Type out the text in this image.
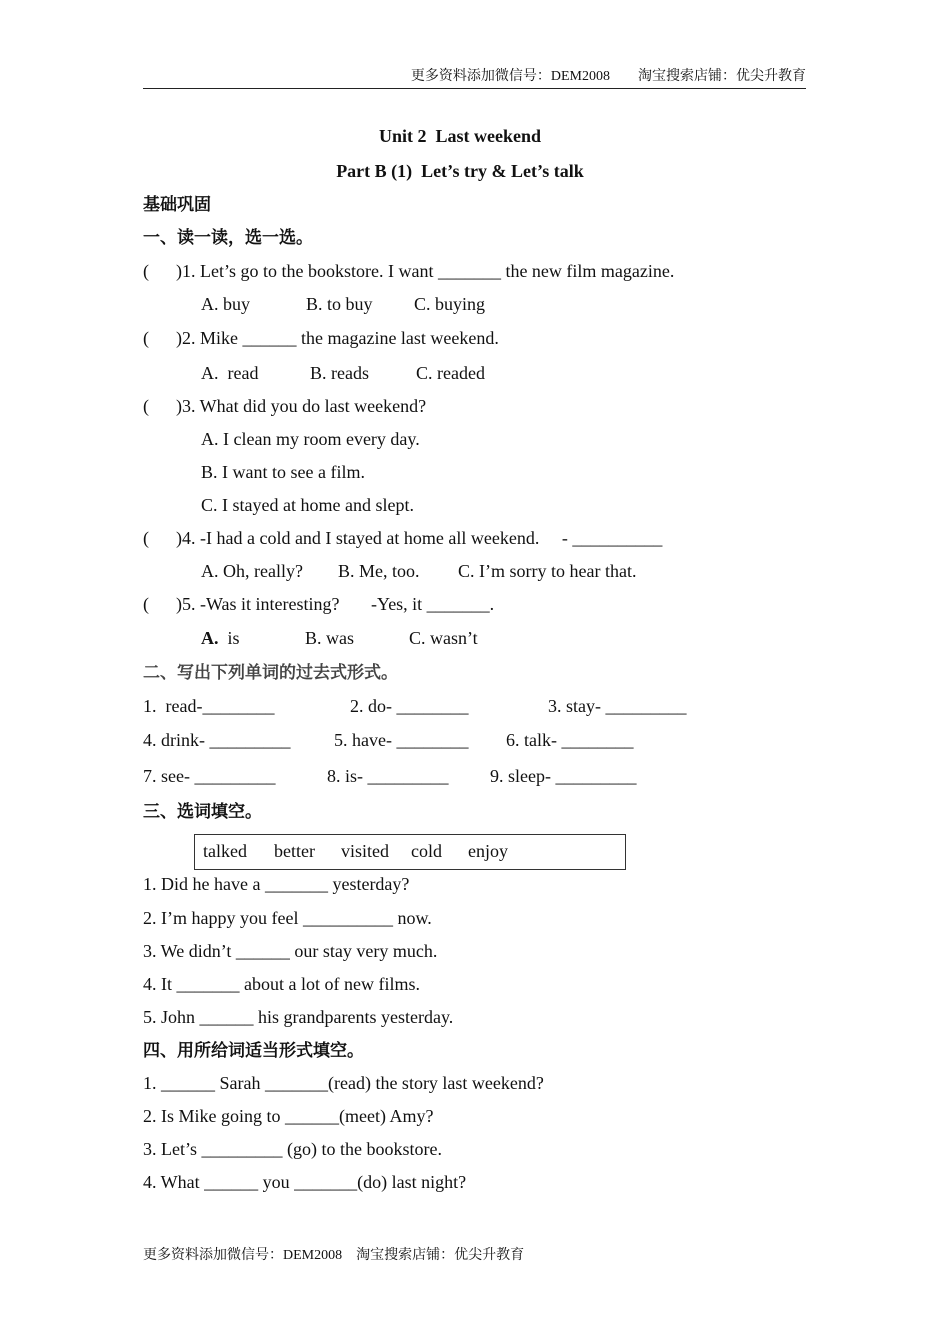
更多资料添加微信号：DEM2008　　淘宝搜索店铺：优尖升教育
Unit 2  Last weekend
Part B (1)  Let’s try & Let’s talk
基础巩固
一、读一读，选一选。
(      )1. Let’s go to the bookstore. I want _______ the new film magazine.
A. buy	B. to buy C. buying
(      )2. Mike ______ the magazine last weekend.
A.  read	B. reads	C. readed
(      )3. What did you do last weekend?
A. I clean my room every day.
B. I want to see a film.
C. I stayed at home and slept.
(      )4. -I had a cold and I stayed at home all weekend.     - __________
A. Oh, really? B. Me, too. C. I’m sorry to hear that.
(      )5. -Was it interesting?       -Yes, it _______.
A. is	B. was	C. wasn’t
二、写出下列单词的过去式形式。
1.  read-________	2. do- ________	3. stay- _________
4. drink- _________ 5. have- ________ 6. talk- ________
7. see- _________	8. is- _________ 9. sleep- _________
三、选词填空。
talked better visited cold enjoy
1. Did he have a _______ yesterday?
2. I’m happy you feel __________ now.
3. We didn’t ______ our stay very much.
4. It _______ about a lot of new films.
5. John ______ his grandparents yesterday.
四、用所给词适当形式填空。
1. ______ Sarah _______(read) the story last weekend?
2. Is Mike going to ______(meet) Amy?
3. Let’s _________ (go) to the bookstore.
4. What ______ you _______(do) last night?
更多资料添加微信号：DEM2008    淘宝搜索店铺：优尖升教育
